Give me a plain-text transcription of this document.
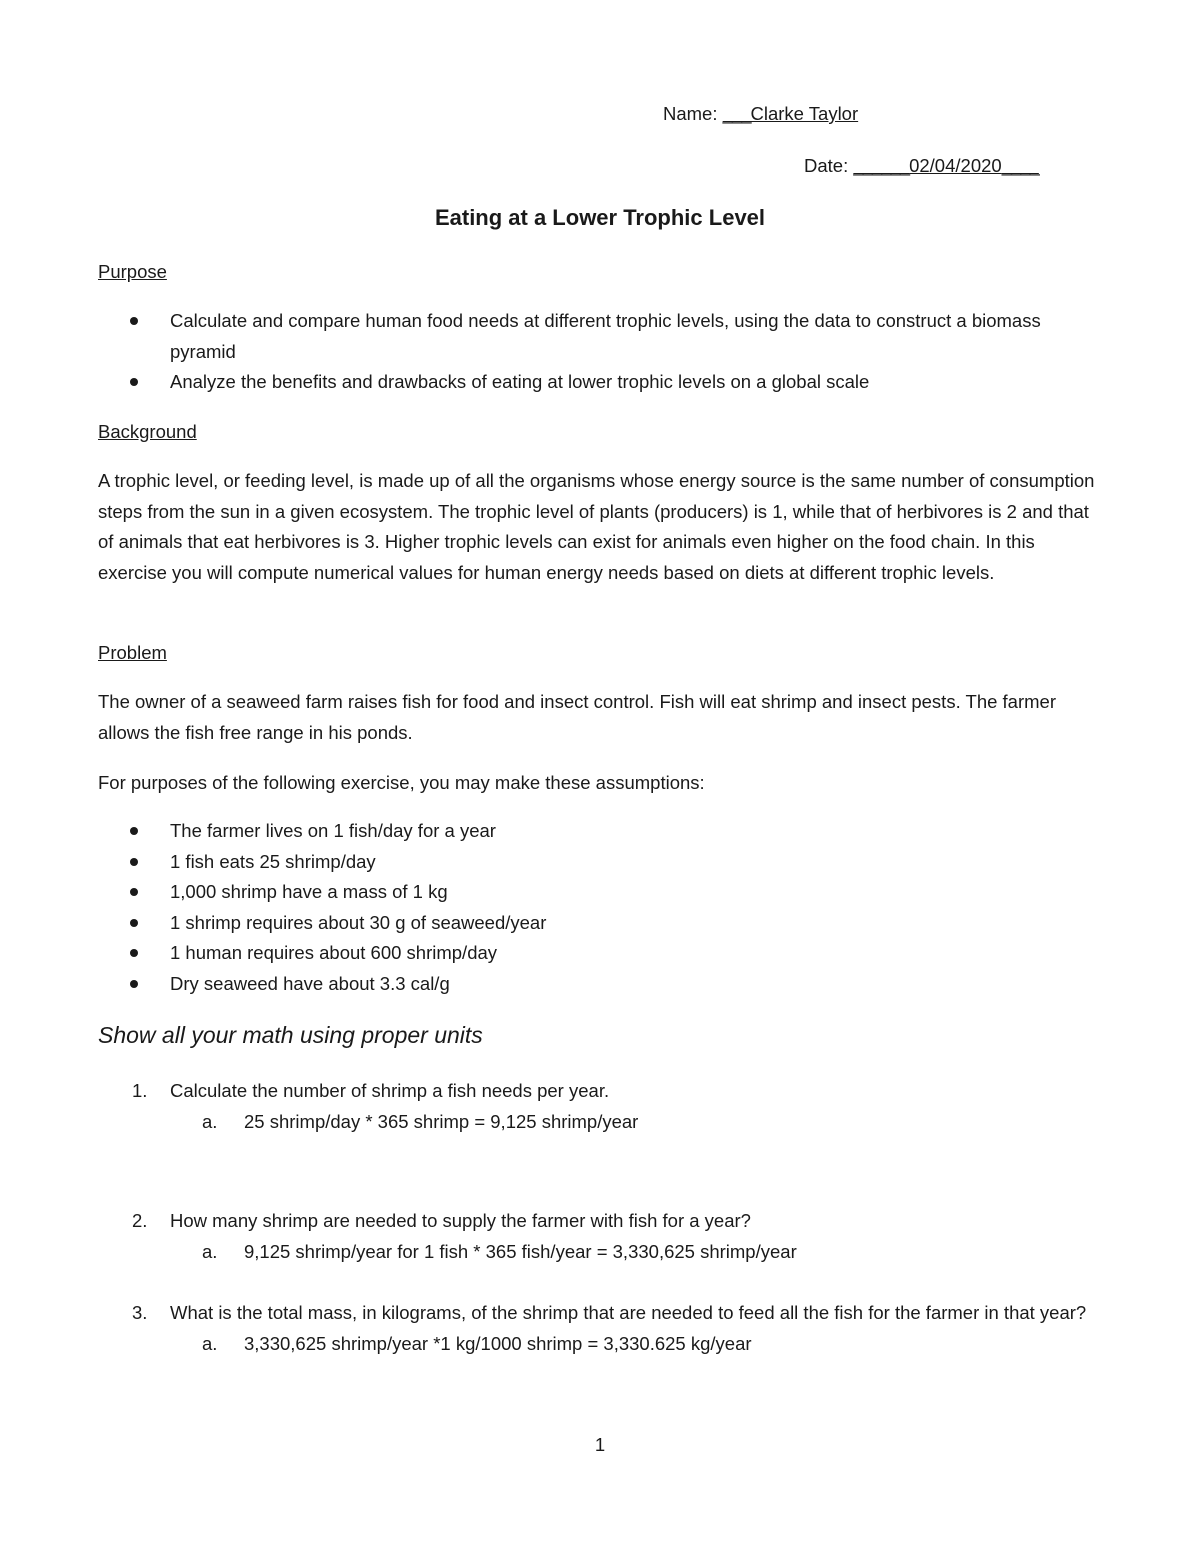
Name: ___Clarke Taylor
Date: ______02/04/2020____
Eating at a Lower Trophic Level
Purpose
Calculate and compare human food needs at different trophic levels, using the data to construct a biomass pyramid
Analyze the benefits and drawbacks of eating at lower trophic levels on a global scale
Background
A trophic level, or feeding level, is made up of all the organisms whose energy source is the same number of consumption steps from the sun in a given ecosystem. The trophic level of plants (producers) is 1, while that of herbivores is 2 and that of animals that eat herbivores is 3. Higher trophic levels can exist for animals even higher on the food chain. In this exercise you will compute numerical values for human energy needs based on diets at different trophic levels.
Problem
The owner of a seaweed farm raises fish for food and insect control. Fish will eat shrimp and insect pests. The farmer allows the fish free range in his ponds.
For purposes of the following exercise, you may make these assumptions:
The farmer lives on 1 fish/day for a year
1 fish eats 25 shrimp/day
1,000 shrimp have a mass of 1 kg
1 shrimp requires about 30 g of seaweed/year
1 human requires about 600 shrimp/day
Dry seaweed have about 3.3 cal/g
Show all your math using proper units
1. Calculate the number of shrimp a fish needs per year.
a. 25 shrimp/day * 365 shrimp = 9,125 shrimp/year
2. How many shrimp are needed to supply the farmer with fish for a year?
a. 9,125 shrimp/year for 1 fish * 365 fish/year = 3,330,625 shrimp/year
3. What is the total mass, in kilograms, of the shrimp that are needed to feed all the fish for the farmer in that year?
a. 3,330,625 shrimp/year *1 kg/1000 shrimp = 3,330.625 kg/year
1
